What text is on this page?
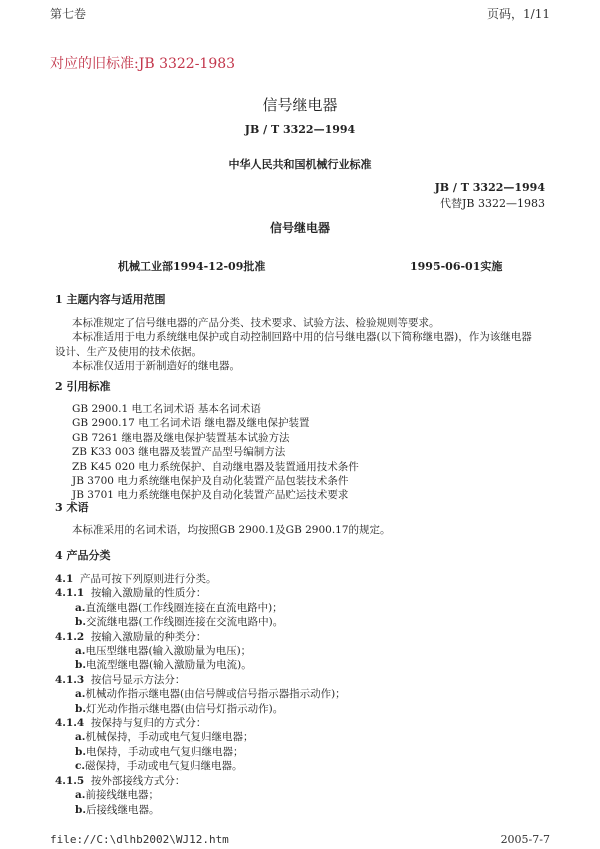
第七卷	页码，1/11
对应的旧标准:JB 3322-1983
信号继电器
JB / T 3322—1994
中华人民共和国机械行业标准
JB / T 3322—1994
代替JB 3322—1983
信号继电器
机械工业部1994-12-09批准	1995-06-01实施
1 主题内容与适用范围
本标准规定了信号继电器的产品分类、技术要求、试验方法、检验规则等要求。
本标准适用于电力系统继电保护或自动控制回路中用的信号继电器(以下简称继电器)，作为该继电器
设计、生产及使用的技术依据。
本标准仅适用于新制造好的继电器。
2 引用标准
GB 2900.1 电工名词术语 基本名词术语
GB 2900.17 电工名词术语 继电器及继电保护装置
GB 7261 继电器及继电保护装置基本试验方法
ZB K33 003 继电器及装置产品型号编制方法
ZB K45 020 电力系统保护、自动继电器及装置通用技术条件
JB 3700 电力系统继电保护及自动化装置产品包装技术条件
JB 3701 电力系统继电保护及自动化装置产品贮运技术要求
3 术语
本标准采用的名词术语，均按照GB 2900.1及GB 2900.17的规定。
4 产品分类
4.1  产品可按下列原则进行分类。
4.1.1  按输入激励量的性质分：
a.直流继电器(工作线圈连接在直流电路中)；
b.交流继电器(工作线圈连接在交流电路中)。
4.1.2  按输入激励量的种类分：
a.电压型继电器(输入激励量为电压)；
b.电流型继电器(输入激励量为电流)。
4.1.3  按信号显示方法分：
a.机械动作指示继电器(由信号牌或信号指示器指示动作)；
b.灯光动作指示继电器(由信号灯指示动作)。
4.1.4  按保持与复归的方式分：
a.机械保持，手动或电气复归继电器；
b.电保持，手动或电气复归继电器；
c.磁保持，手动或电气复归继电器。
4.1.5  按外部接线方式分：
a.前接线继电器；
b.后接线继电器。
file://C:\dlhb2002\WJ12.htm	2005-7-7
